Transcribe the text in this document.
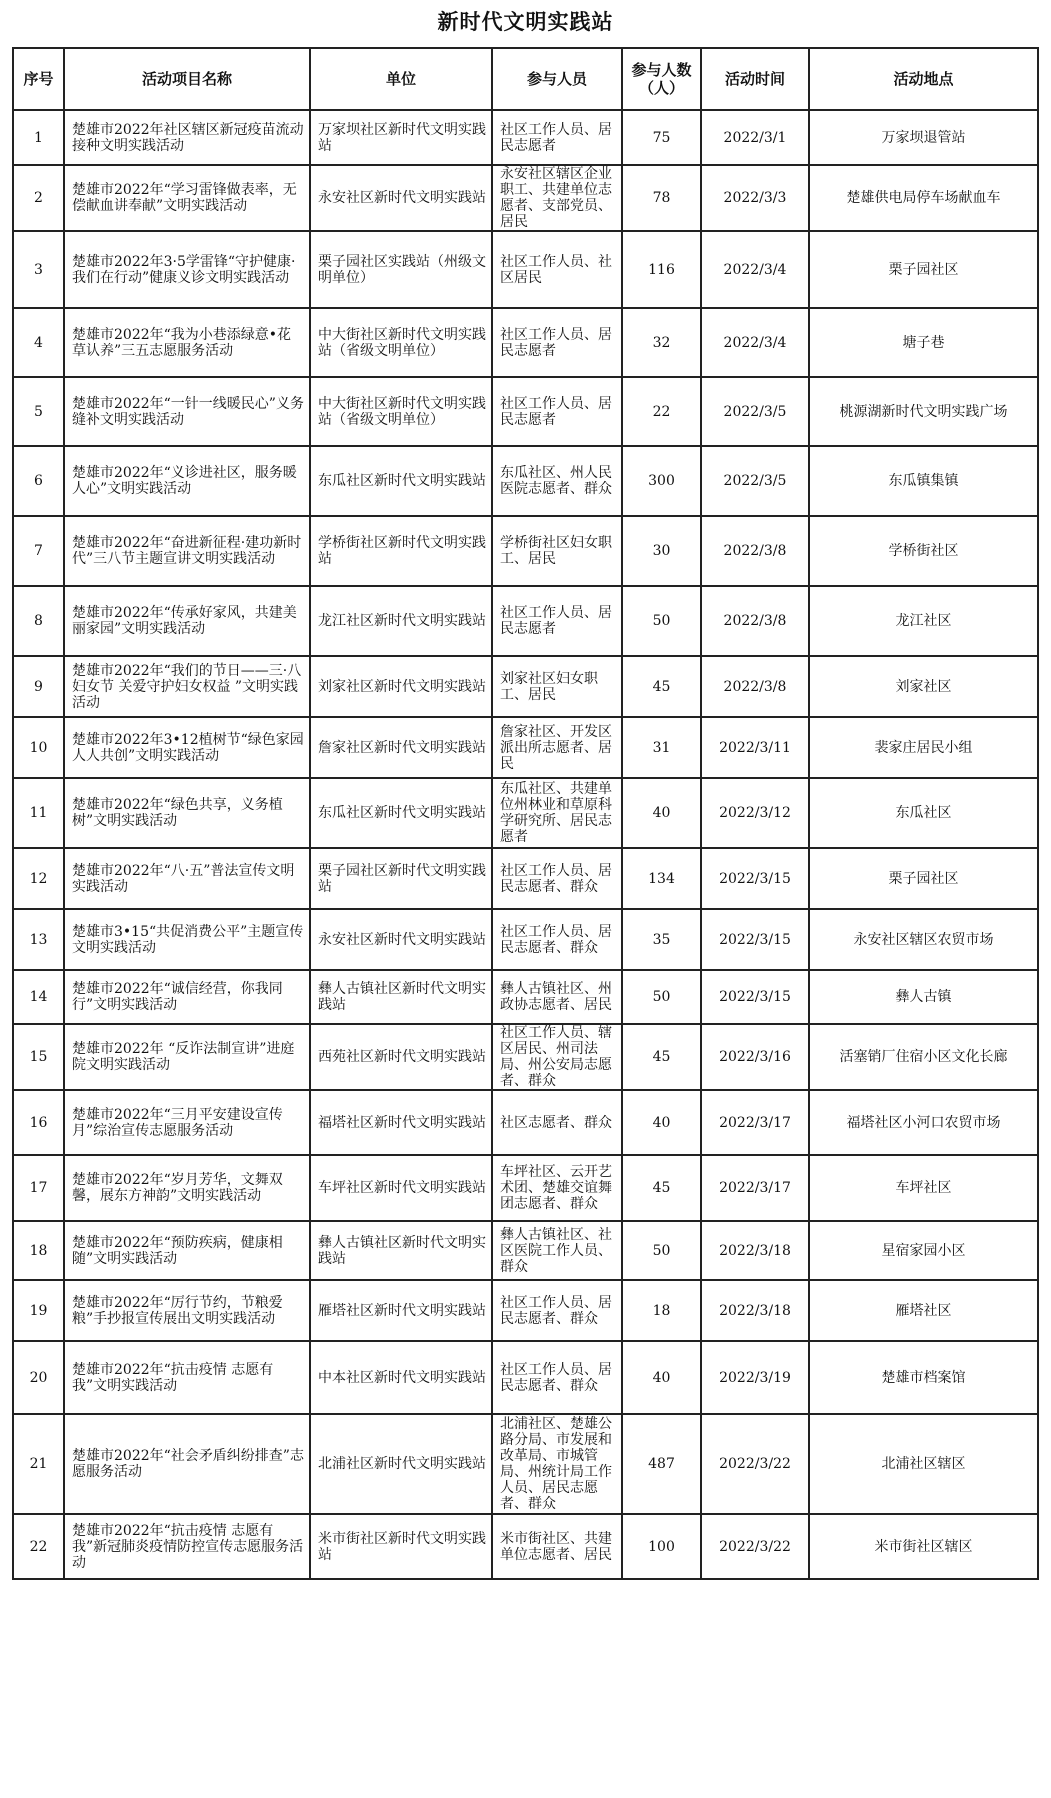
新时代文明实践站
序号	活动项目名称	单位	参与人员	参与人数（人）	活动时间	活动地点
1	楚雄市2022年社区辖区新冠疫苗流动接种文明实践活动	万家坝社区新时代文明实践站	社区工作人员、居民志愿者	75	2022/3/1	万家坝退管站
2	楚雄市2022年“学习雷锋做表率，无偿献血讲奉献”文明实践活动	永安社区新时代文明实践站	永安社区辖区企业职工、共建单位志愿者、支部党员、居民	78	2022/3/3	楚雄供电局停车场献血车
3	楚雄市2022年3·5学雷锋“守护健康·我们在行动”健康义诊文明实践活动	栗子园社区实践站（州级文明单位）	社区工作人员、社区居民	116	2022/3/4	栗子园社区
4	楚雄市2022年“我为小巷添绿意•花草认养”三五志愿服务活动	中大街社区新时代文明实践站（省级文明单位）	社区工作人员、居民志愿者	32	2022/3/4	塘子巷
5	楚雄市2022年“一针一线暖民心”义务缝补文明实践活动	中大街社区新时代文明实践站（省级文明单位）	社区工作人员、居民志愿者	22	2022/3/5	桃源湖新时代文明实践广场
6	楚雄市2022年“义诊进社区，服务暖人心”文明实践活动	东瓜社区新时代文明实践站	东瓜社区、州人民医院志愿者、群众	300	2022/3/5	东瓜镇集镇
7	楚雄市2022年“奋进新征程·建功新时代”三八节主题宣讲文明实践活动	学桥街社区新时代文明实践站	学桥街社区妇女职工、居民	30	2022/3/8	学桥街社区
8	楚雄市2022年“传承好家风，共建美丽家园”文明实践活动	龙江社区新时代文明实践站	社区工作人员、居民志愿者	50	2022/3/8	龙江社区
9	楚雄市2022年“我们的节日——三·八妇女节 关爱守护妇女权益 ”文明实践活动	刘家社区新时代文明实践站	刘家社区妇女职工、居民	45	2022/3/8	刘家社区
10	楚雄市2022年3•12植树节“绿色家园人人共创”文明实践活动	詹家社区新时代文明实践站	詹家社区、开发区派出所志愿者、居民	31	2022/3/11	裴家庄居民小组
11	楚雄市2022年“绿色共享，义务植树”文明实践活动	东瓜社区新时代文明实践站	东瓜社区、共建单位州林业和草原科学研究所、居民志愿者	40	2022/3/12	东瓜社区
12	楚雄市2022年“八·五”普法宣传文明实践活动	栗子园社区新时代文明实践站	社区工作人员、居民志愿者、群众	134	2022/3/15	栗子园社区
13	楚雄市3•15“共促消费公平”主题宣传文明实践活动	永安社区新时代文明实践站	社区工作人员、居民志愿者、群众	35	2022/3/15	永安社区辖区农贸市场
14	楚雄市2022年“诚信经营，你我同行”文明实践活动	彝人古镇社区新时代文明实践站	彝人古镇社区、州政协志愿者、居民	50	2022/3/15	彝人古镇
15	楚雄市2022年 “反诈法制宣讲”进庭院文明实践活动	西苑社区新时代文明实践站	社区工作人员、辖区居民、州司法局、州公安局志愿者、群众	45	2022/3/16	活塞销厂住宿小区文化长廊
16	楚雄市2022年“三月平安建设宣传月”综治宣传志愿服务活动	福塔社区新时代文明实践站	社区志愿者、群众	40	2022/3/17	福塔社区小河口农贸市场
17	楚雄市2022年“岁月芳华，文舞双馨，展东方神韵”文明实践活动	车坪社区新时代文明实践站	车坪社区、云开艺术团、楚雄交谊舞团志愿者、群众	45	2022/3/17	车坪社区
18	楚雄市2022年“预防疾病，健康相随”文明实践活动	彝人古镇社区新时代文明实践站	彝人古镇社区、社区医院工作人员、群众	50	2022/3/18	星宿家园小区
19	楚雄市2022年“厉行节约，节粮爱粮”手抄报宣传展出文明实践活动	雁塔社区新时代文明实践站	社区工作人员、居民志愿者、群众	18	2022/3/18	雁塔社区
20	楚雄市2022年“抗击疫情 志愿有我”文明实践活动	中本社区新时代文明实践站	社区工作人员、居民志愿者、群众	40	2022/3/19	楚雄市档案馆
21	楚雄市2022年“社会矛盾纠纷排查”志愿服务活动	北浦社区新时代文明实践站	北浦社区、楚雄公路分局、市发展和改革局、市城管局、州统计局工作人员、居民志愿者、群众	487	2022/3/22	北浦社区辖区
22	楚雄市2022年“抗击疫情 志愿有我”新冠肺炎疫情防控宣传志愿服务活动	米市街社区新时代文明实践站	米市街社区、共建单位志愿者、居民	100	2022/3/22	米市街社区辖区
